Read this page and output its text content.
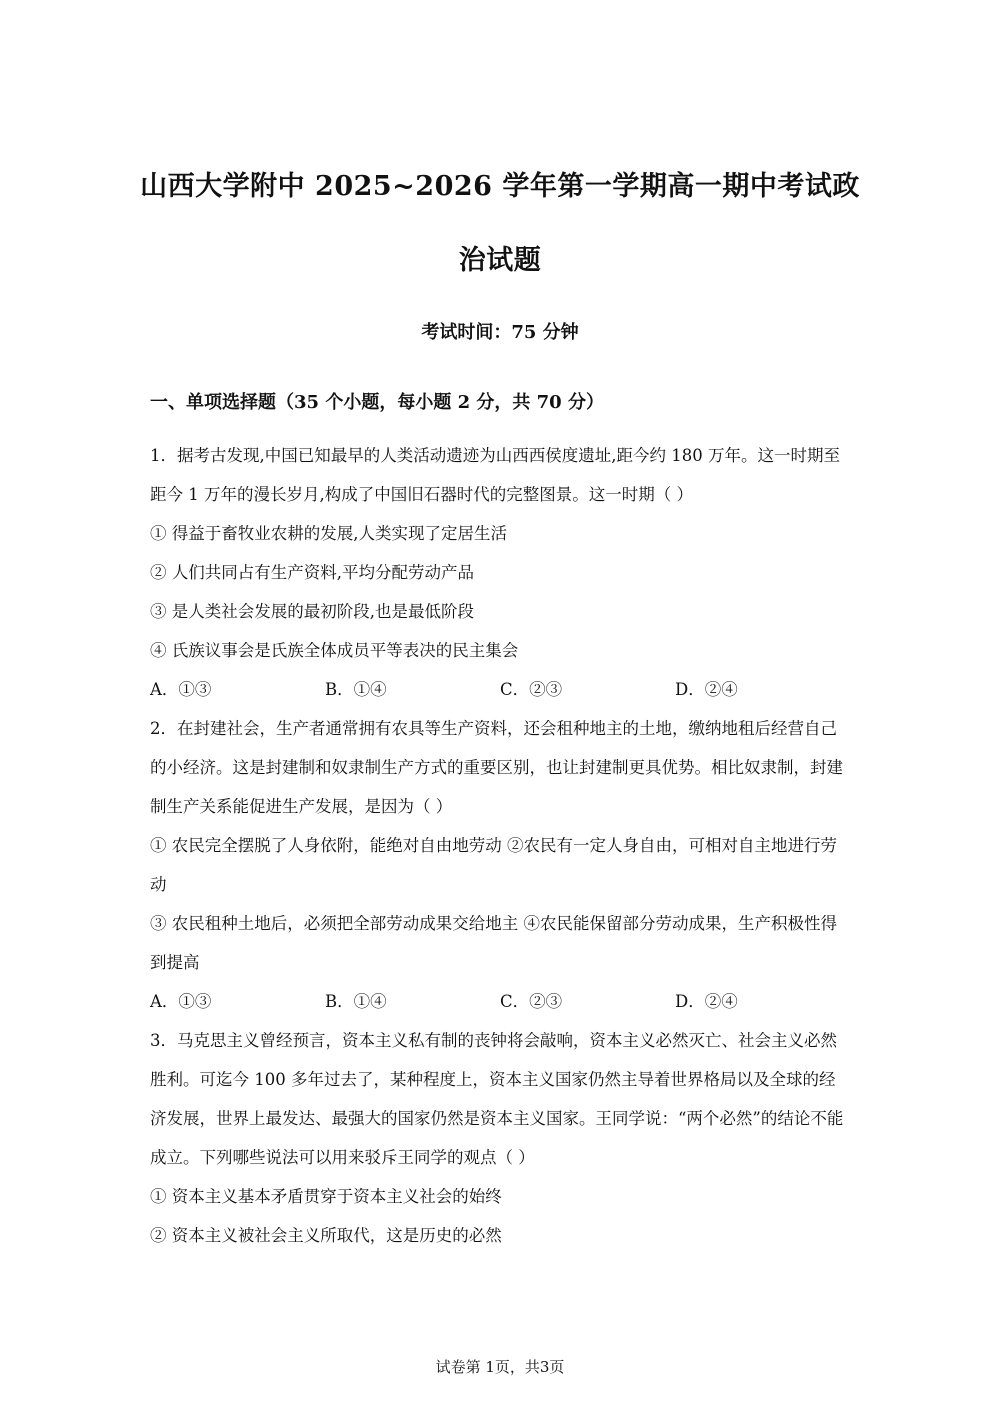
山西大学附中 2025~2026 学年第一学期高一期中考试政治试题
考试时间：75 分钟
一、单项选择题（35 个小题，每小题 2 分，共 70 分）

1．据考古发现,中国已知最早的人类活动遗迹为山西西侯度遗址,距今约 180 万年。这一时期至距今 1 万年的漫长岁月,构成了中国旧石器时代的完整图景。这一时期（ ）

① 得益于畜牧业农耕的发展,人类实现了定居生活

② 人们共同占有生产资料,平均分配劳动产品

③ 是人类社会发展的最初阶段,也是最低阶段

④ 氏族议事会是氏族全体成员平等表决的民主集会

A．①③	B．①④	C．②③	D．②④

2．在封建社会，生产者通常拥有农具等生产资料，还会租种地主的土地，缴纳地租后经营自己的小经济。这是封建制和奴隶制生产方式的重要区别，也让封建制更具优势。相比奴隶制，封建制生产关系能促进生产发展，是因为（ ）

① 农民完全摆脱了人身依附，能绝对自由地劳动 ②农民有一定人身自由，可相对自主地进行劳动

③ 农民租种土地后，必须把全部劳动成果交给地主 ④农民能保留部分劳动成果，生产积极性得到提高

A．①③	B．①④	C．②③	D．②④

3．马克思主义曾经预言，资本主义私有制的丧钟将会敲响，资本主义必然灭亡、社会主义必然胜利。可迄今 100 多年过去了，某种程度上，资本主义国家仍然主导着世界格局以及全球的经济发展，世界上最发达、最强大的国家仍然是资本主义国家。王同学说：“两个必然”的结论不能成立。下列哪些说法可以用来驳斥王同学的观点（ ）

① 资本主义基本矛盾贯穿于资本主义社会的始终

② 资本主义被社会主义所取代，这是历史的必然

试卷第 1页，共3页
